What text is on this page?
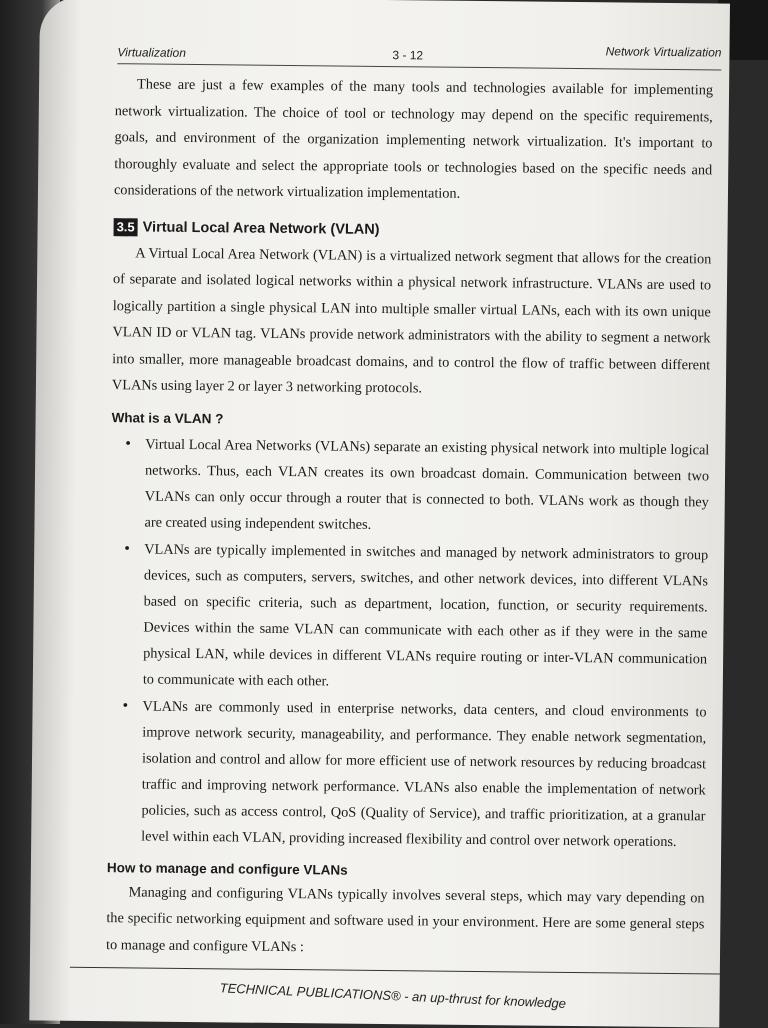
Virtualization	3 - 12	Network Virtualization

These are just a few examples of the many tools and technologies available for implementing network virtualization. The choice of tool or technology may depend on the specific requirements, goals, and environment of the organization implementing network virtualization. It's important to thoroughly evaluate and select the appropriate tools or technologies based on the specific needs and considerations of the network virtualization implementation.

3.5 Virtual Local Area Network (VLAN)

A Virtual Local Area Network (VLAN) is a virtualized network segment that allows for the creation of separate and isolated logical networks within a physical network infrastructure. VLANs are used to logically partition a single physical LAN into multiple smaller virtual LANs, each with its own unique VLAN ID or VLAN tag. VLANs provide network administrators with the ability to segment a network into smaller, more manageable broadcast domains, and to control the flow of traffic between different VLANs using layer 2 or layer 3 networking protocols.

What is a VLAN ?
• Virtual Local Area Networks (VLANs) separate an existing physical network into multiple logical networks. Thus, each VLAN creates its own broadcast domain. Communication between two VLANs can only occur through a router that is connected to both. VLANs work as though they are created using independent switches.
• VLANs are typically implemented in switches and managed by network administrators to group devices, such as computers, servers, switches, and other network devices, into different VLANs based on specific criteria, such as department, location, function, or security requirements. Devices within the same VLAN can communicate with each other as if they were in the same physical LAN, while devices in different VLANs require routing or inter-VLAN communication to communicate with each other.
• VLANs are commonly used in enterprise networks, data centers, and cloud environments to improve network security, manageability, and performance. They enable network segmentation, isolation and control and allow for more efficient use of network resources by reducing broadcast traffic and improving network performance. VLANs also enable the implementation of network policies, such as access control, QoS (Quality of Service), and traffic prioritization, at a granular level within each VLAN, providing increased flexibility and control over network operations.
How to manage and configure VLANs

Managing and configuring VLANs typically involves several steps, which may vary depending on the specific networking equipment and software used in your environment. Here are some general steps to manage and configure VLANs :

TECHNICAL PUBLICATIONS® - an up-thrust for knowledge
